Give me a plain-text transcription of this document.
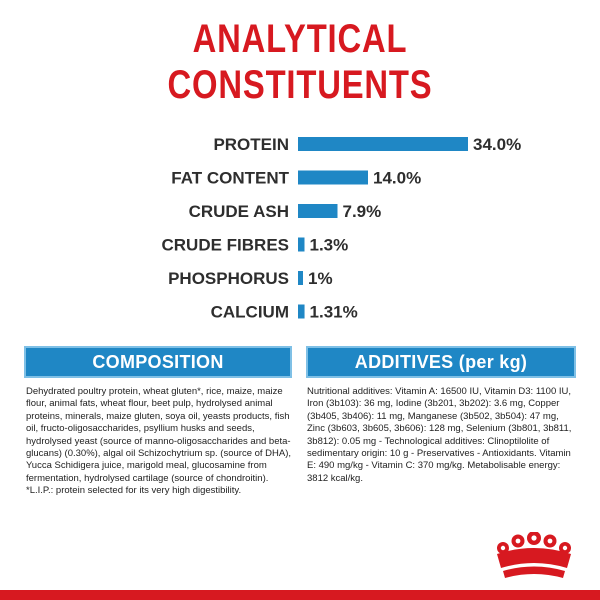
ANALYTICAL
CONSTITUENTS
PROTEIN	34.0%
FAT CONTENT	14.0%
CRUDE ASH	7.9%
CRUDE FIBRES 1.3%
PHOSPHORUS 1%
CALCIUM 1.31%
COMPOSITION	ADDITIVES (per kg)
Dehydrated poultry protein, wheat gluten*, rice, maize, maize flour, animal fats, wheat flour, beet pulp, hydrolysed animal proteins, minerals, maize gluten, soya oil, yeasts products, fish oil, fructo-oligosaccharides, psyllium husks and seeds, hydrolysed yeast (source of manno-oligosaccharides and beta-glucans) (0.30%), algal oil Schizochytrium sp. (source of DHA), Yucca Schidigera juice, marigold meal, glucosamine from fermentation, hydrolysed cartilage (source of chondroitin). *L.I.P.: protein selected for its very high digestibility.
Nutritional additives: Vitamin A: 16500 IU, Vitamin D3: 1100 IU, Iron (3b103): 36 mg, Iodine (3b201, 3b202): 3.6 mg, Copper (3b405, 3b406): 11 mg, Manganese (3b502, 3b504): 47 mg, Zinc (3b603, 3b605, 3b606): 128 mg, Selenium (3b801, 3b811, 3b812): 0.05 mg - Technological additives: Clinoptilolite of sedimentary origin: 10 g - Preservatives - Antioxidants. Vitamin E: 490 mg/kg - Vitamin C: 370 mg/kg. Metabolisable energy: 3812 kcal/kg.
